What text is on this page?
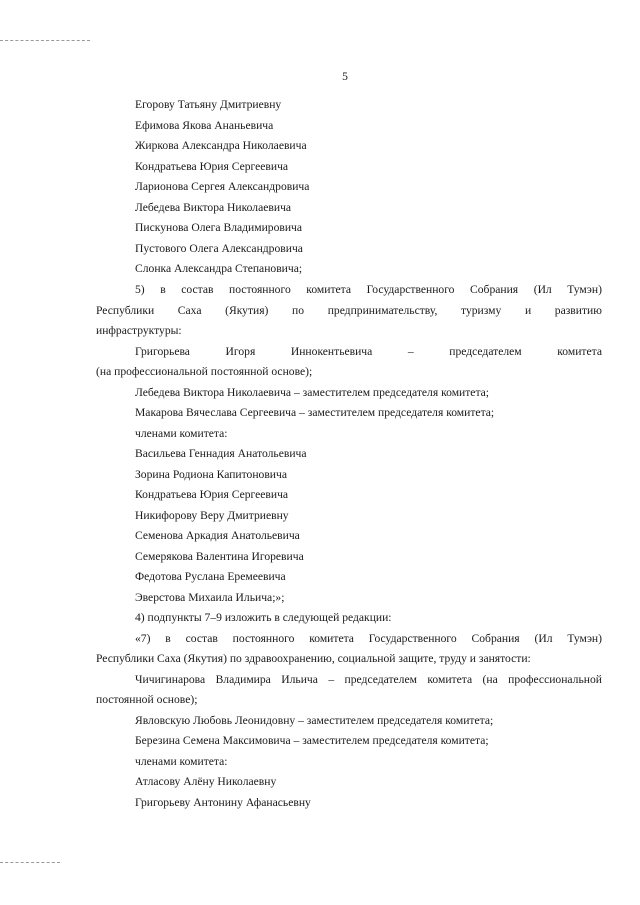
5
Егорову Татьяну Дмитриевну
Ефимова Якова Ананьевича
Жиркова Александра Николаевича
Кондратьева Юрия Сергеевича
Ларионова Сергея Александровича
Лебедева Виктора Николаевича
Пискунова Олега Владимировича
Пустового Олега Александровича
Слонка Александра Степановича;
5) в состав постоянного комитета Государственного Собрания (Ил Тумэн)
Республики Саха (Якутия) по предпринимательству, туризму и развитию
инфраструктуры:
Григорьева	Игоря	Иннокентьевича	–	председателем	комитета
(на профессиональной постоянной основе);
Лебедева Виктора Николаевича – заместителем председателя комитета;
Макарова Вячеслава Сергеевича – заместителем председателя комитета;
членами комитета:
Васильева Геннадия Анатольевича
Зорина Родиона Капитоновича
Кондратьева Юрия Сергеевича
Никифорову Веру Дмитриевну
Семенова Аркадия Анатольевича
Семерякова Валентина Игоревича
Федотова Руслана Еремеевича
Эверстова Михаила Ильича;»;
4) подпункты 7–9 изложить в следующей редакции:
«7) в состав постоянного комитета Государственного Собрания (Ил Тумэн)
Республики Саха (Якутия) по здравоохранению, социальной защите, труду и занятости:
Чичигинарова Владимира Ильича – председателем комитета (на профессиональной
постоянной основе);
Явловскую Любовь Леонидовну – заместителем председателя комитета;
Березина Семена Максимовича – заместителем председателя комитета;
членами комитета:
Атласову Алёну Николаевну
Григорьеву Антонину Афанасьевну
